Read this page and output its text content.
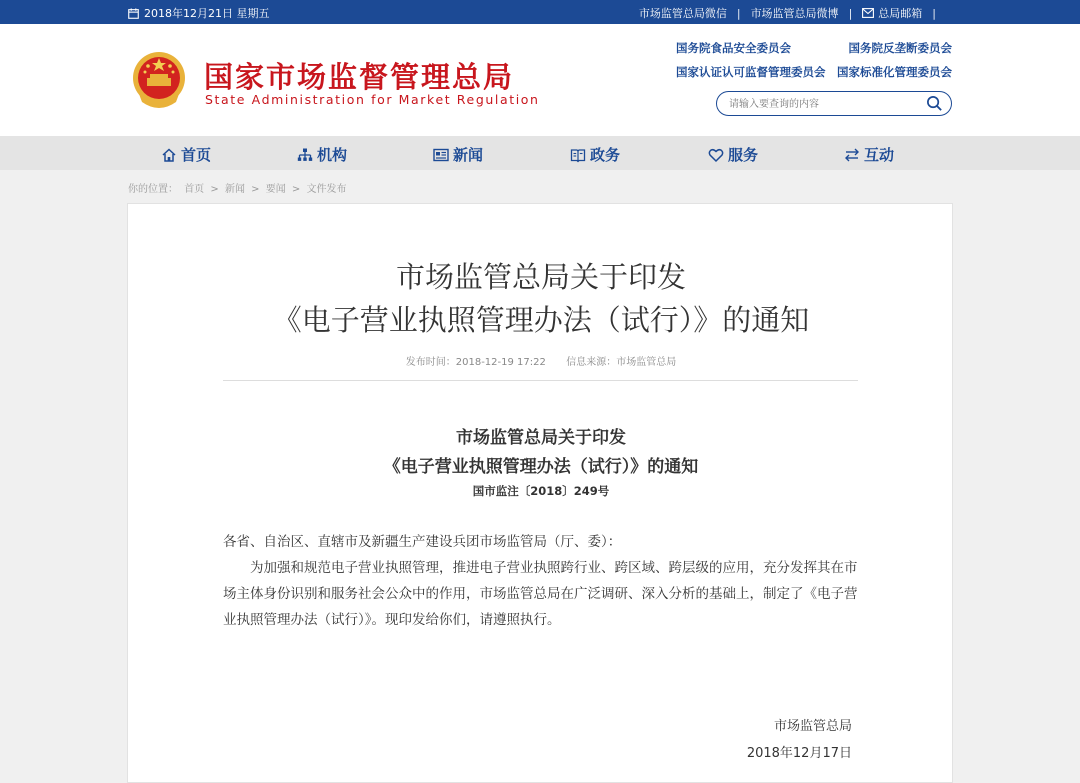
2018年12月21日 星期五	市场监管总局微信 | 市场监管总局微博 | 总局邮箱 |
国家市场监督管理总局
State Administration for Market Regulation
国务院食品安全委员会	国务院反垄断委员会
国家认证认可监督管理委员会 国家标准化管理委员会
请输入要查询的内容
首页	机构	新闻	政务	服务	互动
你的位置： 首页 > 新闻 > 要闻 > 文件发布
市场监管总局关于印发
《电子营业执照管理办法（试行）》的通知
发布时间：2018-12-19 17:22 信息来源：市场监管总局
市场监管总局关于印发
《电子营业执照管理办法（试行）》的通知
国市监注〔2018〕249号
各省、自治区、直辖市及新疆生产建设兵团市场监管局（厅、委）：
为加强和规范电子营业执照管理，推进电子营业执照跨行业、跨区域、跨层级的应用，充分发挥其在市场主体身份识别和服务社会公众中的作用，市场监管总局在广泛调研、深入分析的基础上，制定了《电子营业执照管理办法（试行）》。现印发给你们，请遵照执行。
市场监管总局
2018年12月17日
